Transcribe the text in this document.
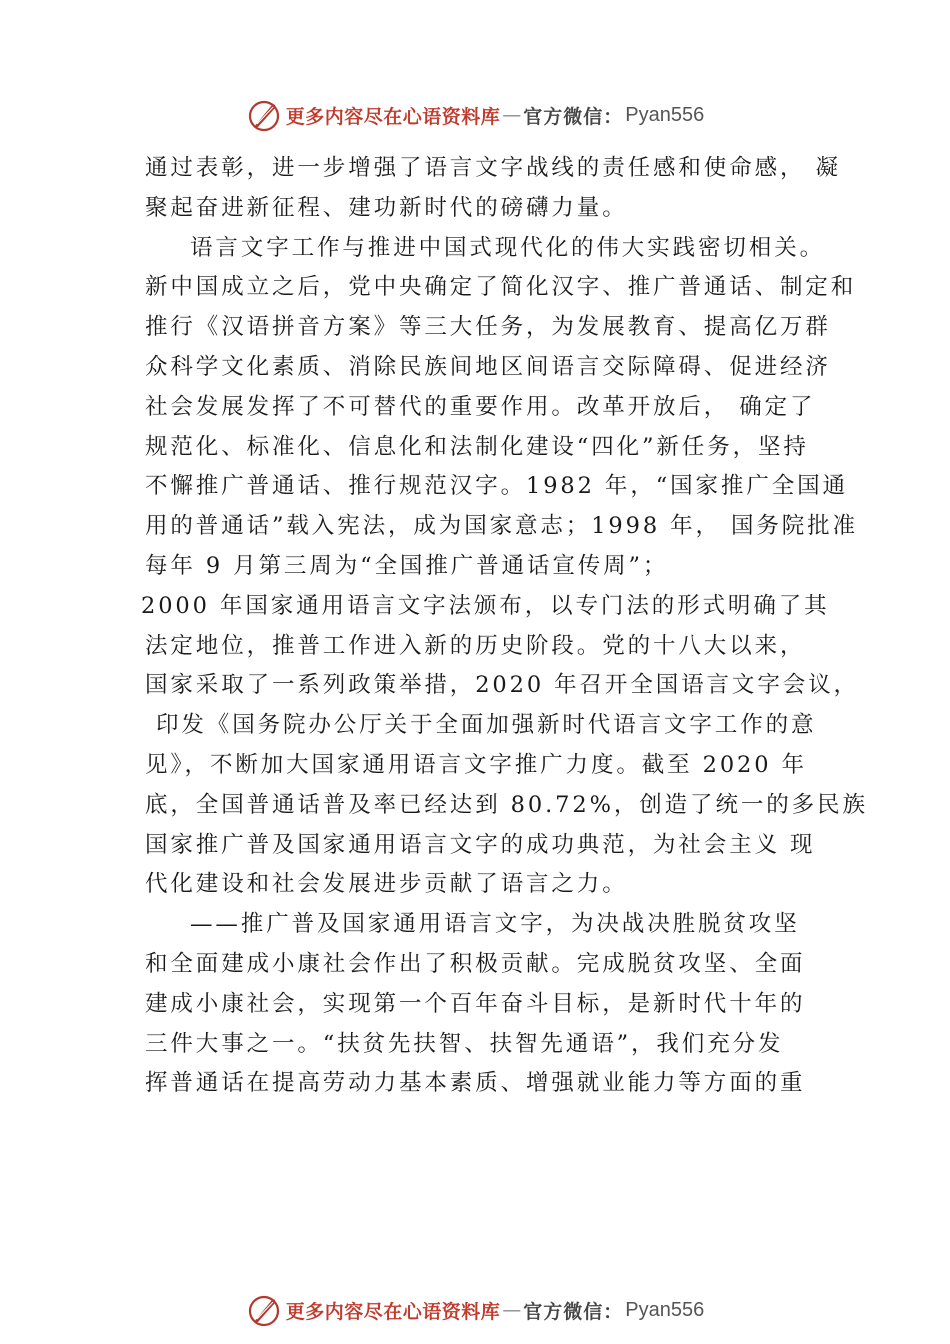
更多内容尽在心语资料库 — 官方微信： Pyan556
通过表彰，进一步增强了语言文字战线的责任感和使命感， 凝
聚起奋进新征程、建功新时代的磅礴力量。
语言文字工作与推进中国式现代化的伟大实践密切相关。
新中国成立之后，党中央确定了简化汉字、推广普通话、制定和
推行《汉语拼音方案》等三大任务，为发展教育、提高亿万群
众科学文化素质、消除民族间地区间语言交际障碍、促进经济
社会发展发挥了不可替代的重要作用。改革开放后， 确定了
规范化、标准化、信息化和法制化建设“四化”新任务，坚持
不懈推广普通话、推行规范汉字。1982 年，“国家推广全国通
用的普通话”载入宪法，成为国家意志；1998 年， 国务院批准
每年 9 月第三周为“全国推广普通话宣传周”；
2000 年国家通用语言文字法颁布，以专门法的形式明确了其
法定地位，推普工作进入新的历史阶段。党的十八大以来，
国家采取了一系列政策举措，2020 年召开全国语言文字会议，
印发《国务院办公厅关于全面加强新时代语言文字工作的意
见》，不断加大国家通用语言文字推广力度。截至 2020 年
底，全国普通话普及率已经达到 80.72%，创造了统一的多民族
国家推广普及国家通用语言文字的成功典范，为社会主义 现
代化建设和社会发展进步贡献了语言之力。
——推广普及国家通用语言文字，为决战决胜脱贫攻坚
和全面建成小康社会作出了积极贡献。完成脱贫攻坚、全面
建成小康社会，实现第一个百年奋斗目标，是新时代十年的
三件大事之一。“扶贫先扶智、扶智先通语”，我们充分发
挥普通话在提高劳动力基本素质、增强就业能力等方面的重
更多内容尽在心语资料库 — 官方微信： Pyan556
